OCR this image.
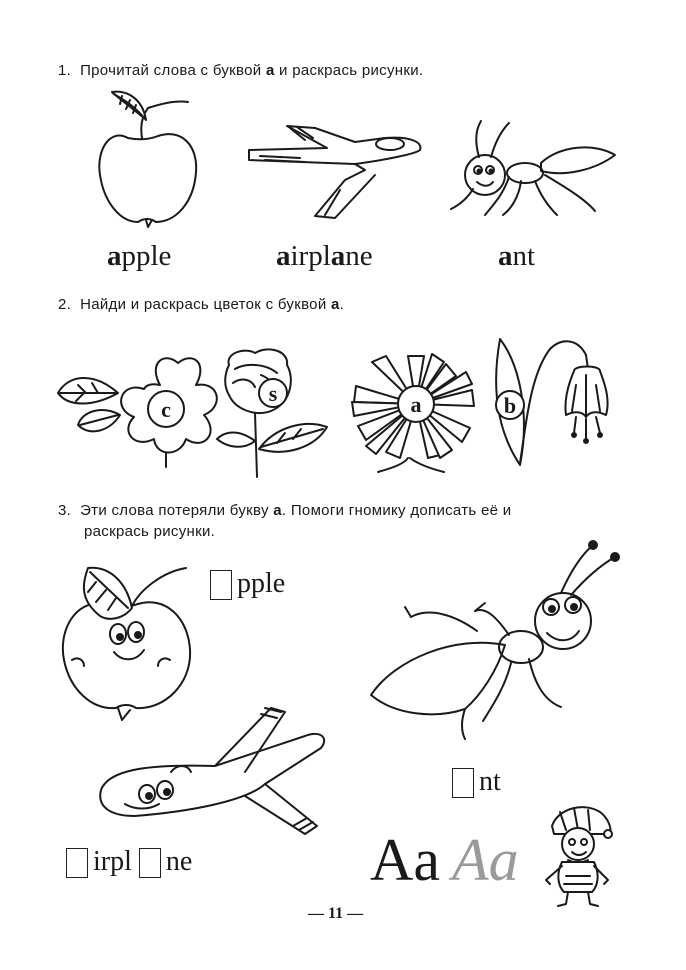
1. Прочитай слова с буквой a и раскрась рисунки.
apple	airplane	ant
2. Найди и раскрась цветок с буквой a.
c
s	a	b
3. Эти слова потеряли букву a. Помоги гномику дописать её и
раскрась рисунки.
pple
irpl
ne
nt
Aa Aa
— 11 —
